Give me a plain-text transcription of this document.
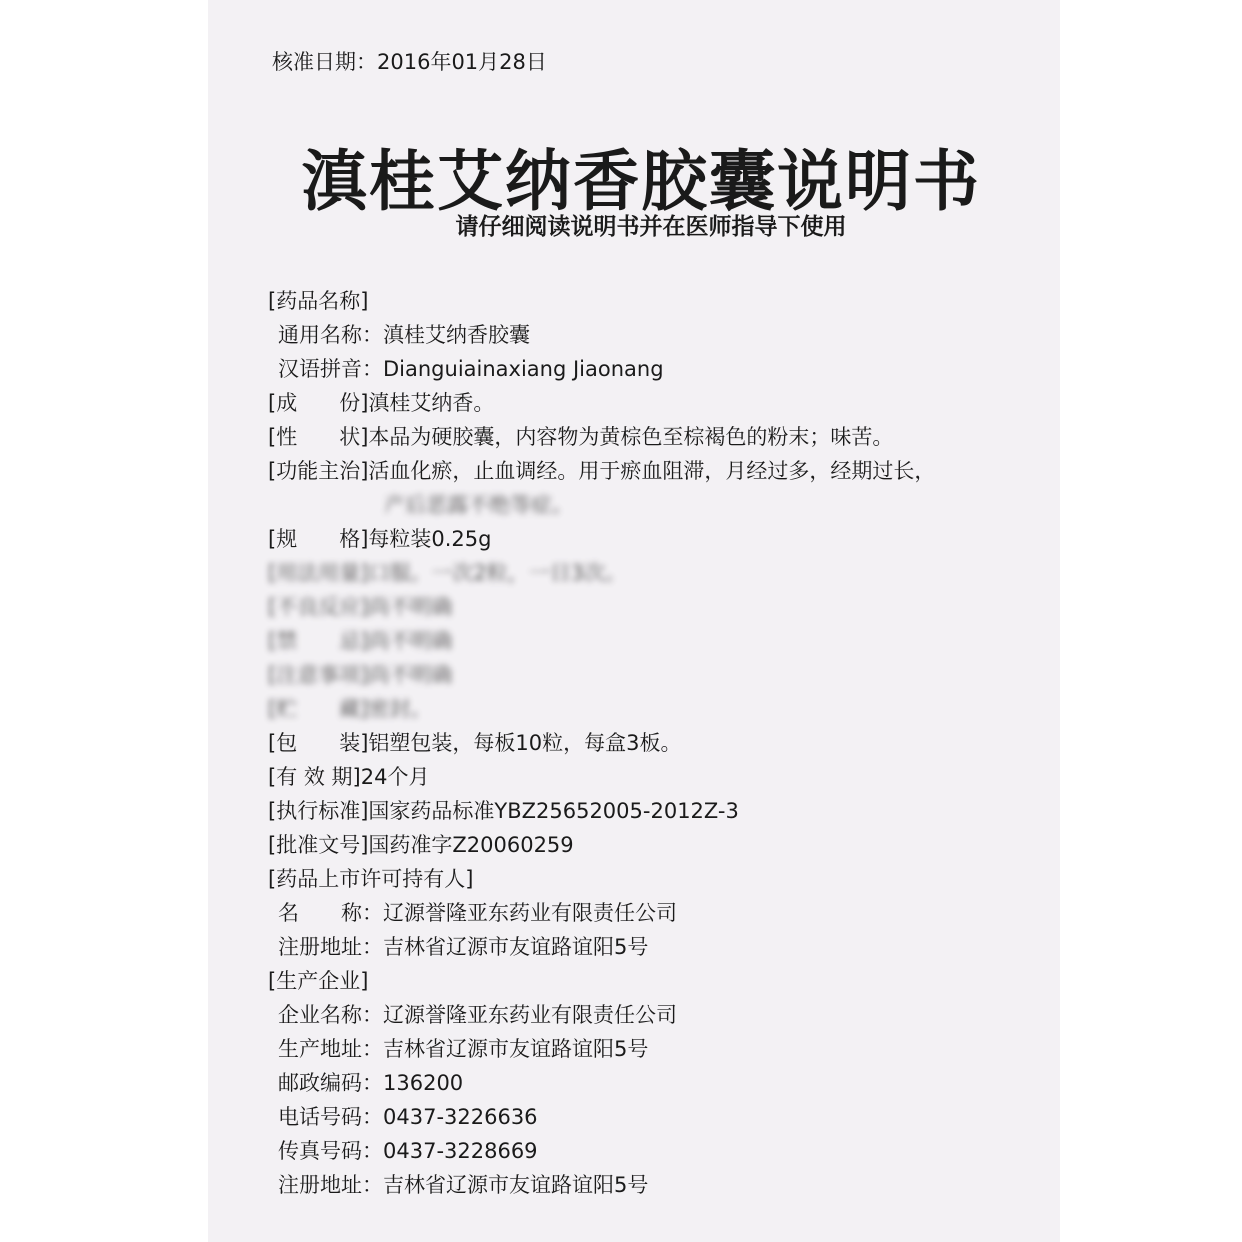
核准日期：2016年01月28日
滇桂艾纳香胶囊说明书
请仔细阅读说明书并在医师指导下使用
[药品名称]
通用名称：滇桂艾纳香胶囊
汉语拼音：Dianguiainaxiang Jiaonang
[成　　份]滇桂艾纳香。
[性　　状]本品为硬胶囊，内容物为黄棕色至棕褐色的粉末；味苦。
[功能主治]活血化瘀，止血调经。用于瘀血阻滞，月经过多，经期过长，
产后恶露不绝等症。
[规　　格]每粒装0.25g
[用法用量]口服。一次2粒，一日3次。
[不良反应]尚不明确
[禁　　忌]尚不明确
[注意事项]尚不明确
[贮　　藏]密封。
[包　　装]铝塑包装，每板10粒，每盒3板。
[有 效 期]24个月
[执行标准]国家药品标准YBZ25652005-2012Z-3
[批准文号]国药准字Z20060259
[药品上市许可持有人]
名　　称：辽源誉隆亚东药业有限责任公司
注册地址：吉林省辽源市友谊路谊阳5号
[生产企业]
企业名称：辽源誉隆亚东药业有限责任公司
生产地址：吉林省辽源市友谊路谊阳5号
邮政编码：136200
电话号码：0437-3226636
传真号码：0437-3228669
注册地址：吉林省辽源市友谊路谊阳5号
